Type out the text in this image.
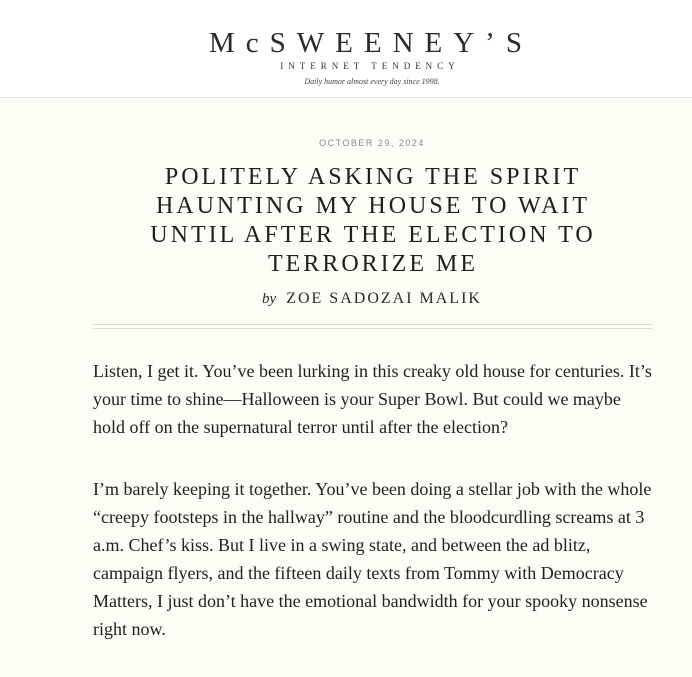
McSWEENEY’S
INTERNET TENDENCY
Daily humor almost every day since 1998.
OCTOBER 29, 2024
POLITELY ASKING THE SPIRIT HAUNTING MY HOUSE TO WAIT UNTIL AFTER THE ELECTION TO TERRORIZE ME
by ZOE SADOZAI MALIK

Listen, I get it. You’ve been lurking in this creaky old house for centuries. It’s your time to shine—Halloween is your Super Bowl. But could we maybe hold off on the supernatural terror until after the election?

I’m barely keeping it together. You’ve been doing a stellar job with the whole “creepy footsteps in the hallway” routine and the bloodcurdling screams at 3 a.m. Chef’s kiss. But I live in a swing state, and between the ad blitz, campaign flyers, and the fifteen daily texts from Tommy with Democracy Matters, I just don’t have the emotional bandwidth for your spooky nonsense right now.
